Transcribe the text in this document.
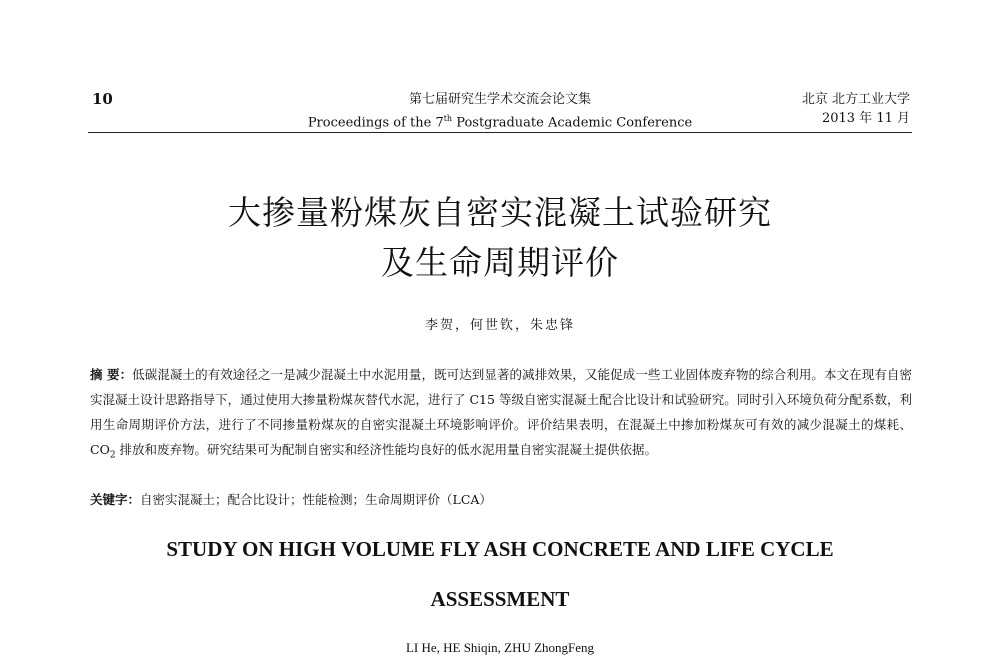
10	第七届研究生学术交流会论文集
Proceedings of the 7th Postgraduate Academic Conference
北京 北方工业大学
2013 年 11 月
大掺量粉煤灰自密实混凝土试验研究
及生命周期评价
李贺，何世钦，朱忠锋
摘 要：低碳混凝土的有效途径之一是减少混凝土中水泥用量，既可达到显著的减排效果，又能促成一些工业固体废弃物的综合利用。本文在现有自密实混凝土设计思路指导下，通过使用大掺量粉煤灰替代水泥，进行了 C15 等级自密实混凝土配合比设计和试验研究。同时引入环境负荷分配系数，利用生命周期评价方法，进行了不同掺量粉煤灰的自密实混凝土环境影响评价。评价结果表明，在混凝土中掺加粉煤灰可有效的减少混凝土的煤耗、$CO_2$ 排放和废弃物。研究结果可为配制自密实和经济性能均良好的低水泥用量自密实混凝土提供依据。
关键字：自密实混凝土；配合比设计；性能检测；生命周期评价（LCA）
STUDY ON HIGH VOLUME FLY ASH CONCRETE AND LIFE CYCLE
ASSESSMENT
LI He, HE Shiqin, ZHU ZhongFeng
